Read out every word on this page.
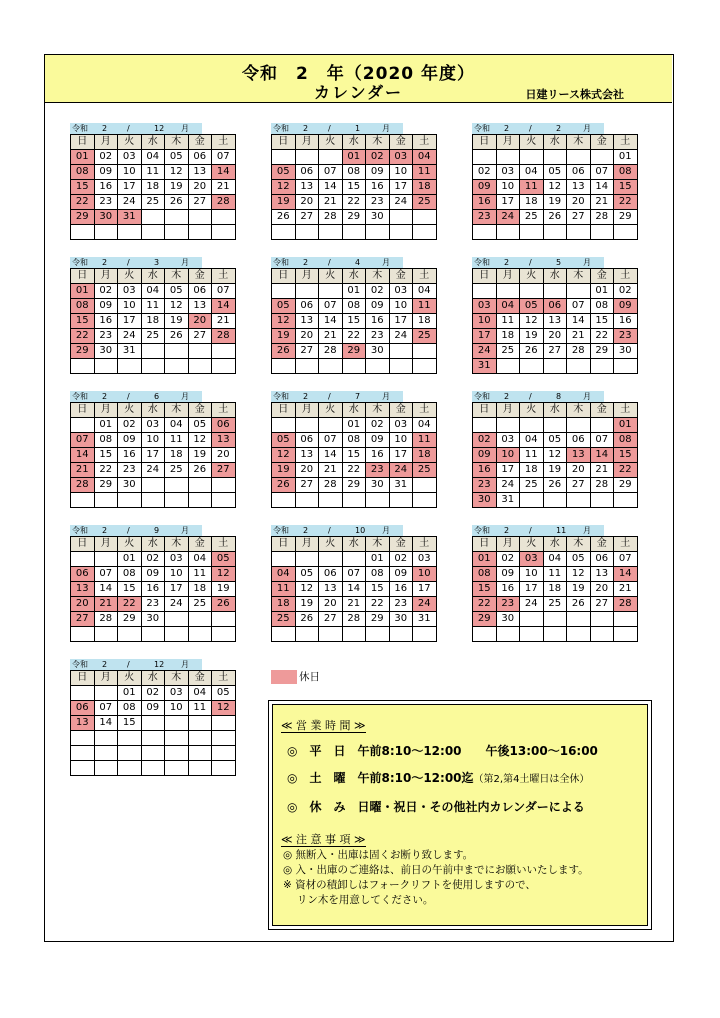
令和　2　年（2020 年度）
カレンダー	日建リース株式会社
令和 2 /	12 月
日	月	火	水	木	金	土
01	02	03	04	05	06	07
08	09	10	11	12	13	14
15	16	17	18	19	20	21
22	23	24	25	26	27	28
29	30	31				

令和 2 /	1	月
日	月	火	水	木	金	土
			01	02	03	04
05	06	07	08	09	10	11
12	13	14	15	16	17	18
19	20	21	22	23	24	25
26	27	28	29	30		

令和 2 /	2	月
日	月	火	水	木	金	土
						01
02	03	04	05	06	07	08
09	10	11	12	13	14	15
16	17	18	19	20	21	22
23	24	25	26	27	28	29

令和 2 /	3	月
日	月	火	水	木	金	土
01	02	03	04	05	06	07
08	09	10	11	12	13	14
15	16	17	18	19	20	21
22	23	24	25	26	27	28
29	30	31				

令和 2 /	4	月
日	月	火	水	木	金	土
			01	02	03	04
05	06	07	08	09	10	11
12	13	14	15	16	17	18
19	20	21	22	23	24	25
26	27	28	29	30		

令和 2 /	5	月
日	月	火	水	木	金	土
					01	02
03	04	05	06	07	08	09
10	11	12	13	14	15	16
17	18	19	20	21	22	23
24	25	26	27	28	29	30
31						
令和 2 /	6	月
日	月	火	水	木	金	土
	01	02	03	04	05	06
07	08	09	10	11	12	13
14	15	16	17	18	19	20
21	22	23	24	25	26	27
28	29	30				

令和 2 /	7	月
日	月	火	水	木	金	土
			01	02	03	04
05	06	07	08	09	10	11
12	13	14	15	16	17	18
19	20	21	22	23	24	25
26	27	28	29	30	31	

令和 2 /	8	月
日	月	火	水	木	金	土
						01
02	03	04	05	06	07	08
09	10	11	12	13	14	15
16	17	18	19	20	21	22
23	24	25	26	27	28	29
30	31					
令和 2 /	9	月
日	月	火	水	木	金	土
		01	02	03	04	05
06	07	08	09	10	11	12
13	14	15	16	17	18	19
20	21	22	23	24	25	26
27	28	29	30			

令和 2 /	10 月
日	月	火	水	木	金	土
				01	02	03
04	05	06	07	08	09	10
11	12	13	14	15	16	17
18	19	20	21	22	23	24
25	26	27	28	29	30	31

令和 2 /	11 月
日	月	火	水	木	金	土
01	02	03	04	05	06	07
08	09	10	11	12	13	14
15	16	17	18	19	20	21
22	23	24	25	26	27	28
29	30					

令和 2 /	12 月
日	月	火	水	木	金	土
		01	02	03	04	05
06	07	08	09	10	11	12
13	14	15				

休日
≪ 営 業 時 間 ≫
◎　平　日　午前8:10～12:00　　午後13:00～16:00
◎　土　曜　午前8:10～12:00迄（第2,第4土曜日は全休）
◎　休　み　日曜・祝日・その他社内カレンダーによる
≪ 注 意 事 項 ≫
◎ 無断入・出庫は固くお断り致します。
◎ 入・出庫のご連絡は、前日の午前中までにお願いいたします。
※ 資材の積卸しはフォークリフトを使用しますので、
　 リン木を用意してください。
